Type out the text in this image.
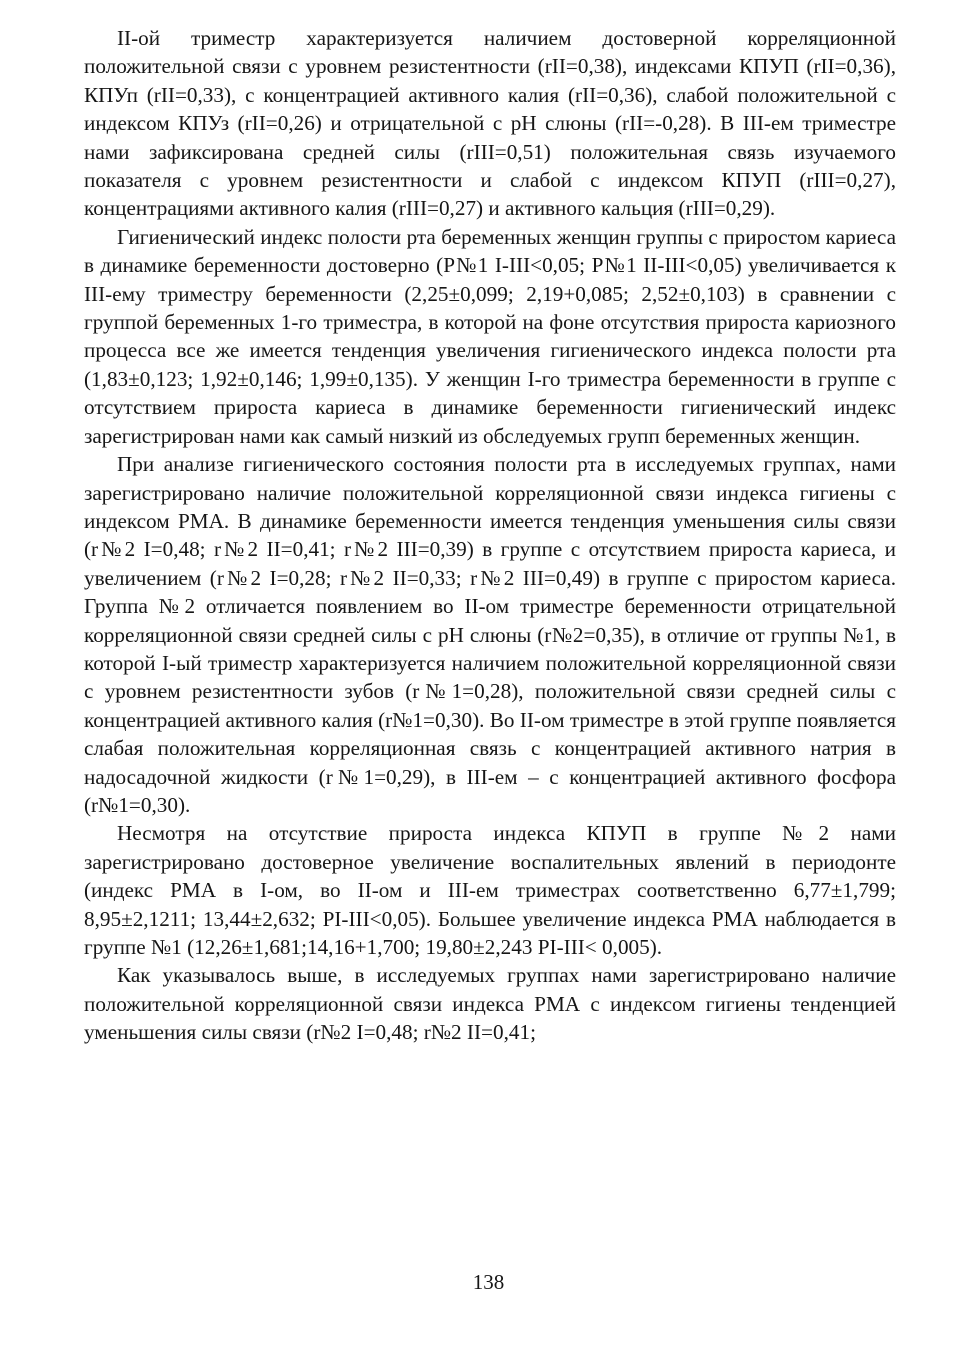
II-ой триместр характеризуется наличием достоверной корреляционной положительной связи с уровнем резистентности (rII=0,38), индексами КПУП (rII=0,36), КПУп (rII=0,33), с концентрацией активного калия (rII=0,36), слабой положительной с индексом КПУз (rII=0,26) и отрицательной с pH слюны (rII=-0,28). В III-ем триместре нами зафиксирована средней силы (rIII=0,51) положительная связь изучаемого показателя с уровнем резистентности и слабой с индексом КПУП (rIII=0,27), концентрациями активного калия (rIII=0,27) и активного кальция (rIII=0,29).

Гигиенический индекс полости рта беременных женщин группы с приростом кариеса в динамике беременности достоверно (P№1 I-III<0,05; P№1 II-III<0,05) увеличивается к III-ему триместру беременности (2,25±0,099; 2,19+0,085; 2,52±0,103) в сравнении с группой беременных 1-го триместра, в которой на фоне отсутствия прироста кариозного процесса все же имеется тенденция увеличения гигиенического индекса полости рта (1,83±0,123; 1,92±0,146; 1,99±0,135). У женщин I-го триместра беременности в группе с отсутствием прироста кариеса в динамике беременности гигиенический индекс зарегистрирован нами как самый низкий из обследуемых групп беременных женщин.

При анализе гигиенического состояния полости рта в исследуемых группах, нами зарегистрировано наличие положительной корреляционной связи индекса гигиены с индексом РМА. В динамике беременности имеется тенденция уменьшения силы связи (r№2 I=0,48; r№2 II=0,41; r№2 III=0,39) в группе с отсутствием прироста кариеса, и увеличением (r№2 I=0,28; r№2 II=0,33; r№2 III=0,49) в группе с приростом кариеса. Группа №2 отличается появлением во II-ом триместре беременности отрицательной корреляционной связи средней силы с pH слюны (r№2=0,35), в отличие от группы №1, в которой I-ый триместр характеризуется наличием положительной корреляционной связи с уровнем резистентности зубов (r№1=0,28), положительной связи средней силы с концентрацией активного калия (r№1=0,30). Во II-ом триместре в этой группе появляется слабая положительная корреляционная связь с концентрацией активного натрия в надосадочной жидкости (r№1=0,29), в III-ем – с концентрацией активного фосфора (r№1=0,30).

Несмотря на отсутствие прироста индекса КПУП в группе №2 нами зарегистрировано достоверное увеличение воспалительных явлений в периодонте (индекс РМА в I-ом, во II-ом и III-ем триместрах соответственно 6,77±1,799; 8,95±2,1211; 13,44±2,632; PI-III<0,05). Большее увеличение индекса РМА наблюдается в группе №1 (12,26±1,681;14,16+1,700; 19,80±2,243 PI-III< 0,005).

Как указывалось выше, в исследуемых группах нами зарегистрировано наличие положительной корреляционной связи индекса РМА с индексом гигиены тенденцией уменьшения силы связи (r№2 I=0,48; r№2 II=0,41;

138
